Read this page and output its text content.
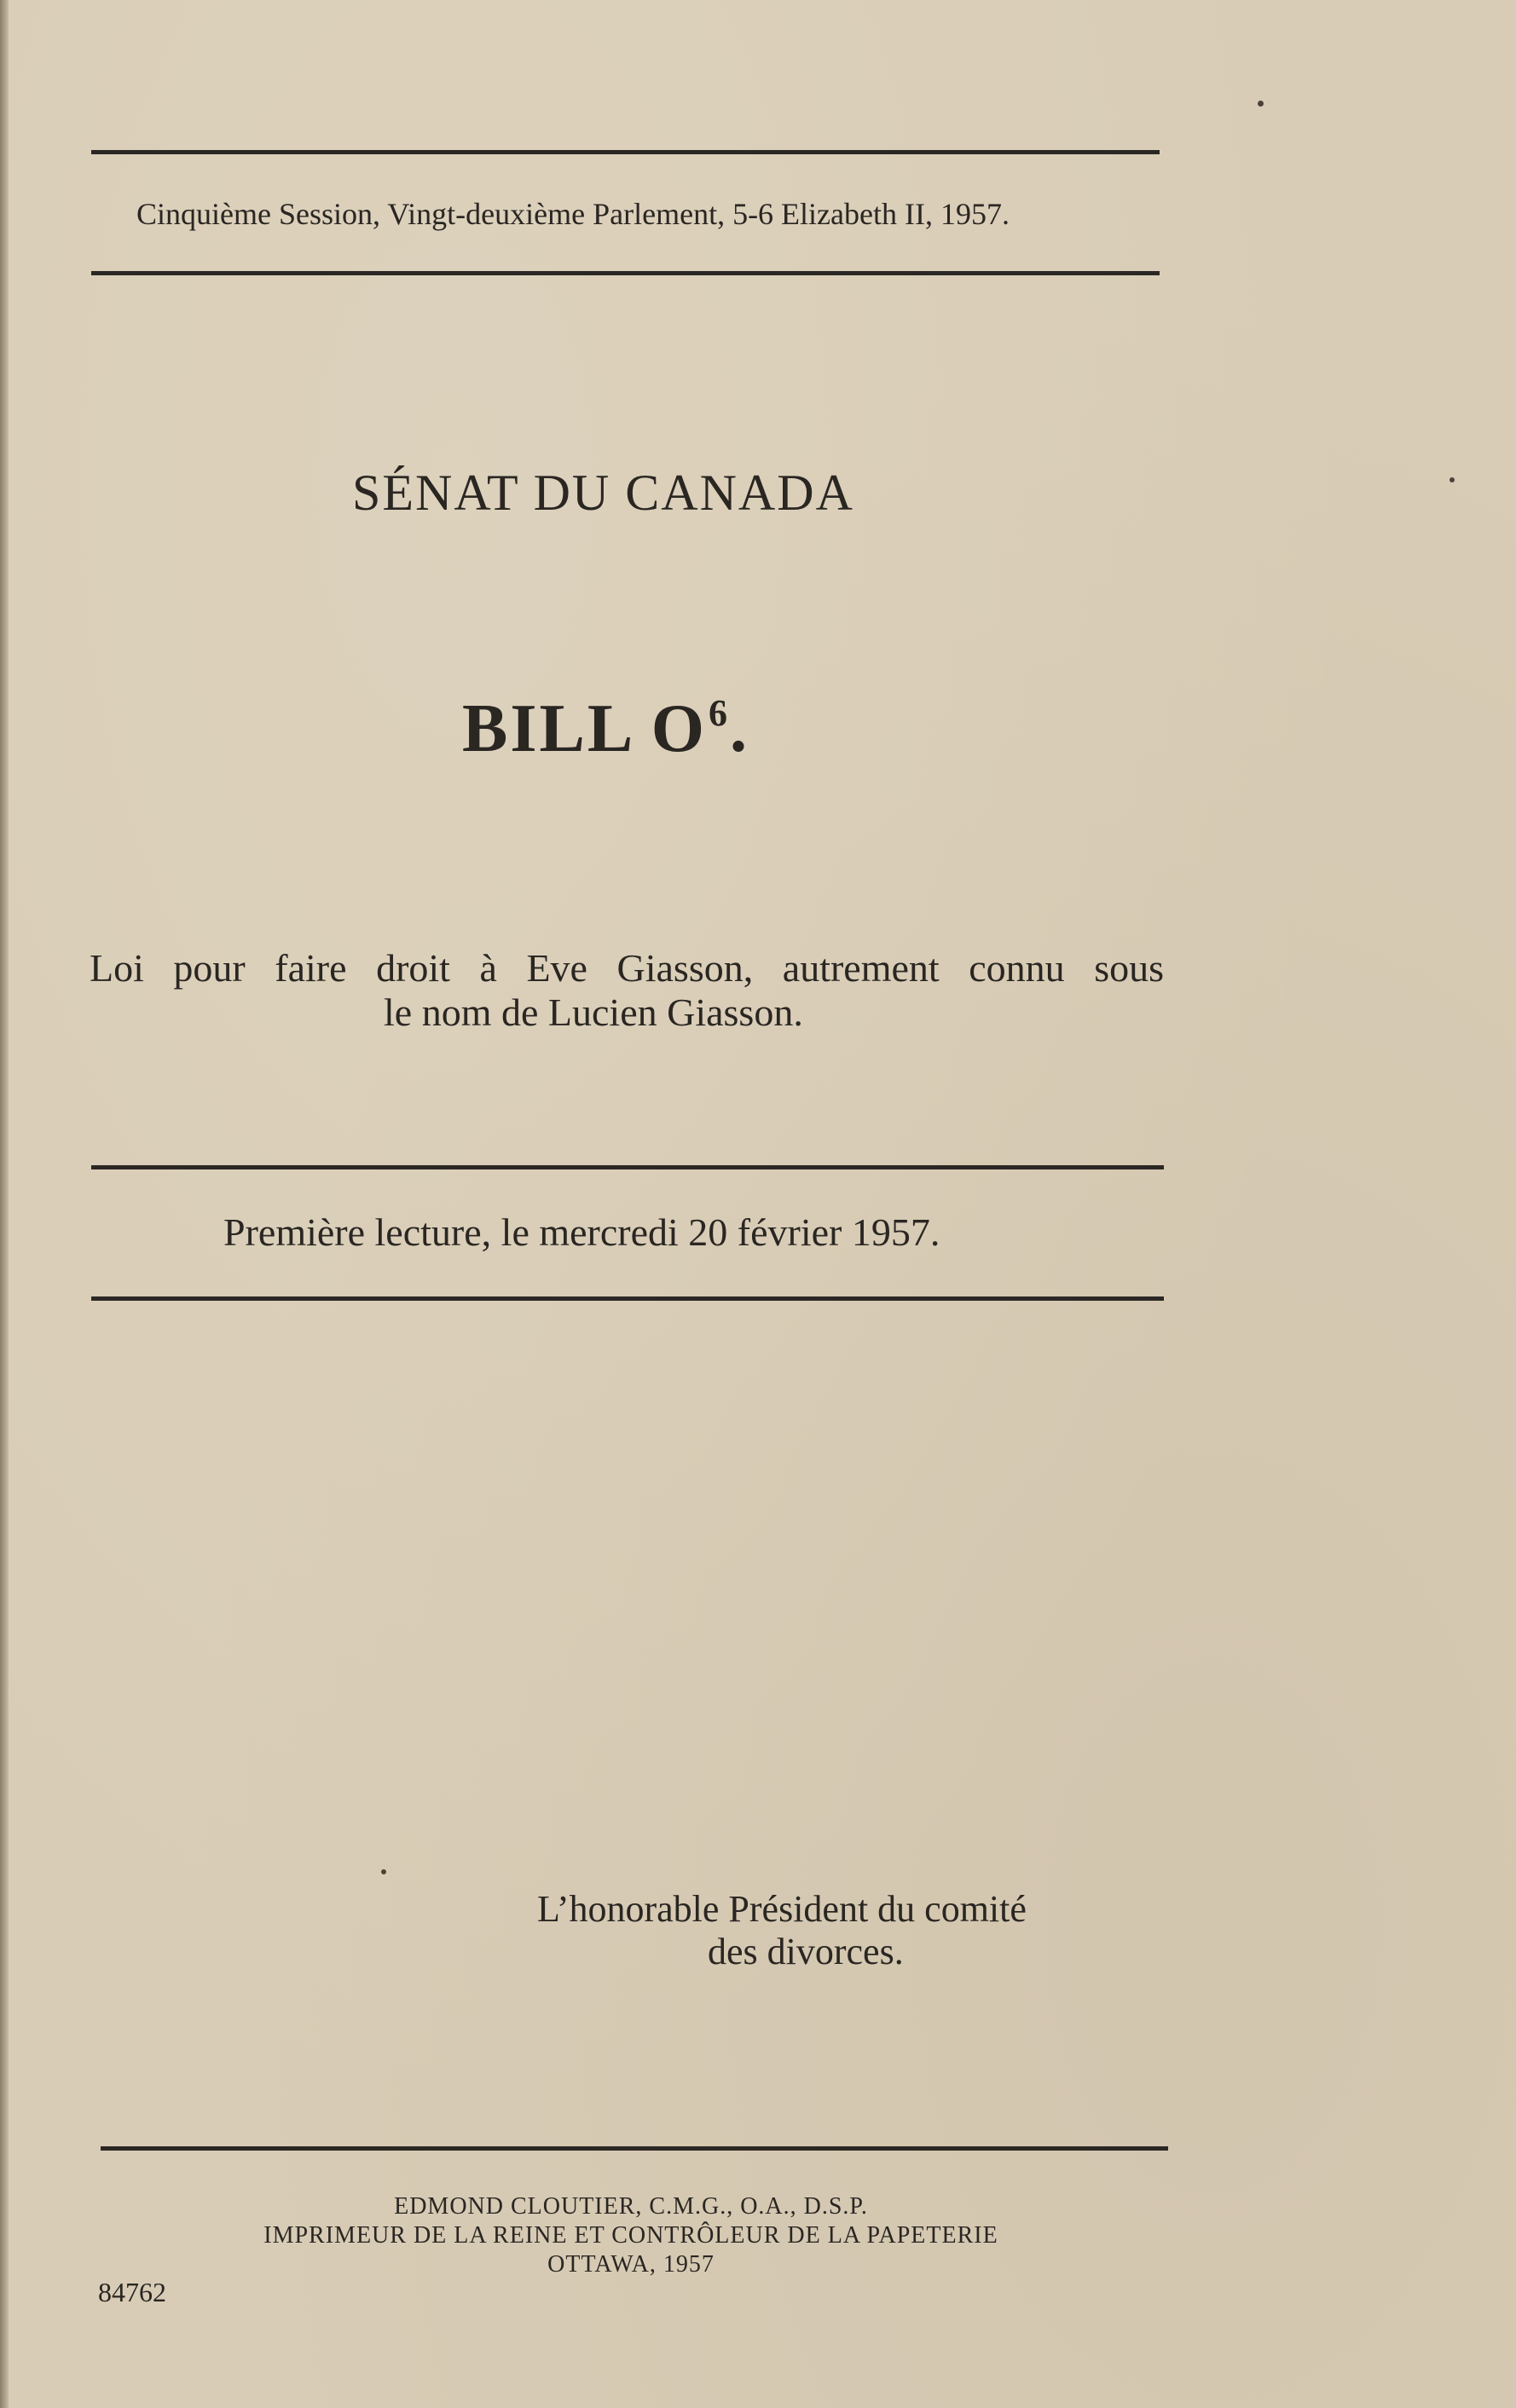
Cinquième Session, Vingt-deuxième Parlement, 5-6 Elizabeth II, 1957.
SÉNAT DU CANADA
BILL $O^6$.
Loi pour faire droit à Eve Giasson, autrement connu sous
le nom de Lucien Giasson.
Première lecture, le mercredi 20 février 1957.
L’honorable Président du comité
des divorces.
EDMOND CLOUTIER, C.M.G., O.A., D.S.P.
IMPRIMEUR DE LA REINE ET CONTRÔLEUR DE LA PAPETERIE
OTTAWA, 1957
84762
